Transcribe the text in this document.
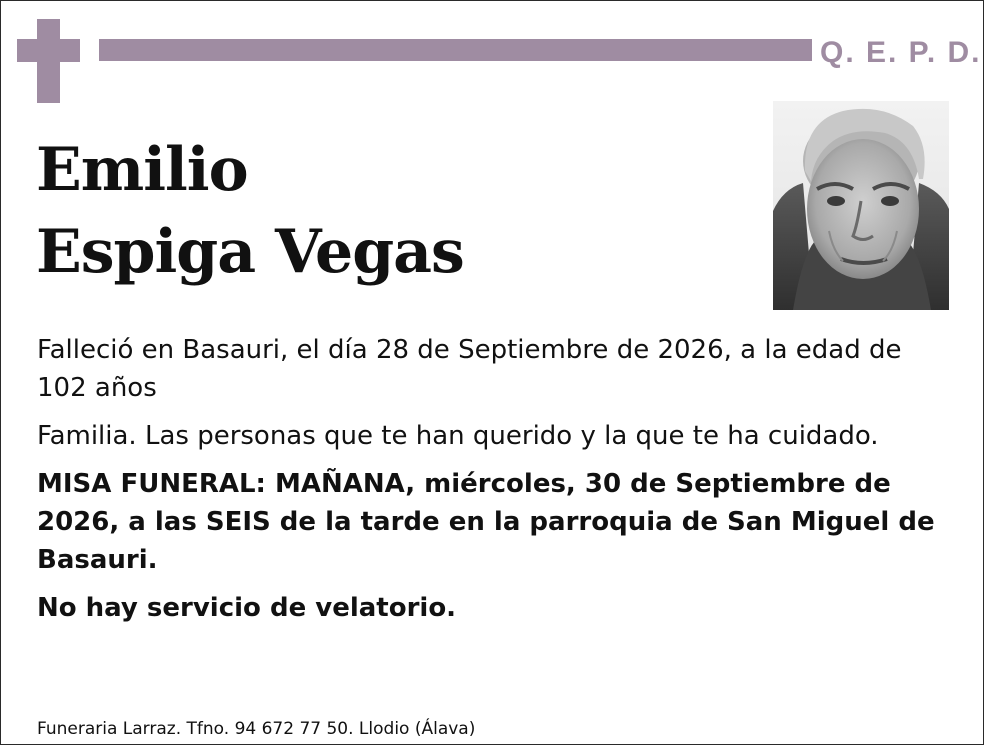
Q. E. P. D.
Emilio
Espiga Vegas

Falleció en Basauri, el día 28 de Septiembre de 2026, a la edad de 102 años

Familia. Las personas que te han querido y la que te ha cuidado.

MISA FUNERAL: MAÑANA, miércoles, 30 de Septiembre de 2026, a las SEIS de la tarde en la parroquia de San Miguel de Basauri.

No hay servicio de velatorio.

Funeraria Larraz. Tfno. 94 672 77 50. Llodio (Álava)
